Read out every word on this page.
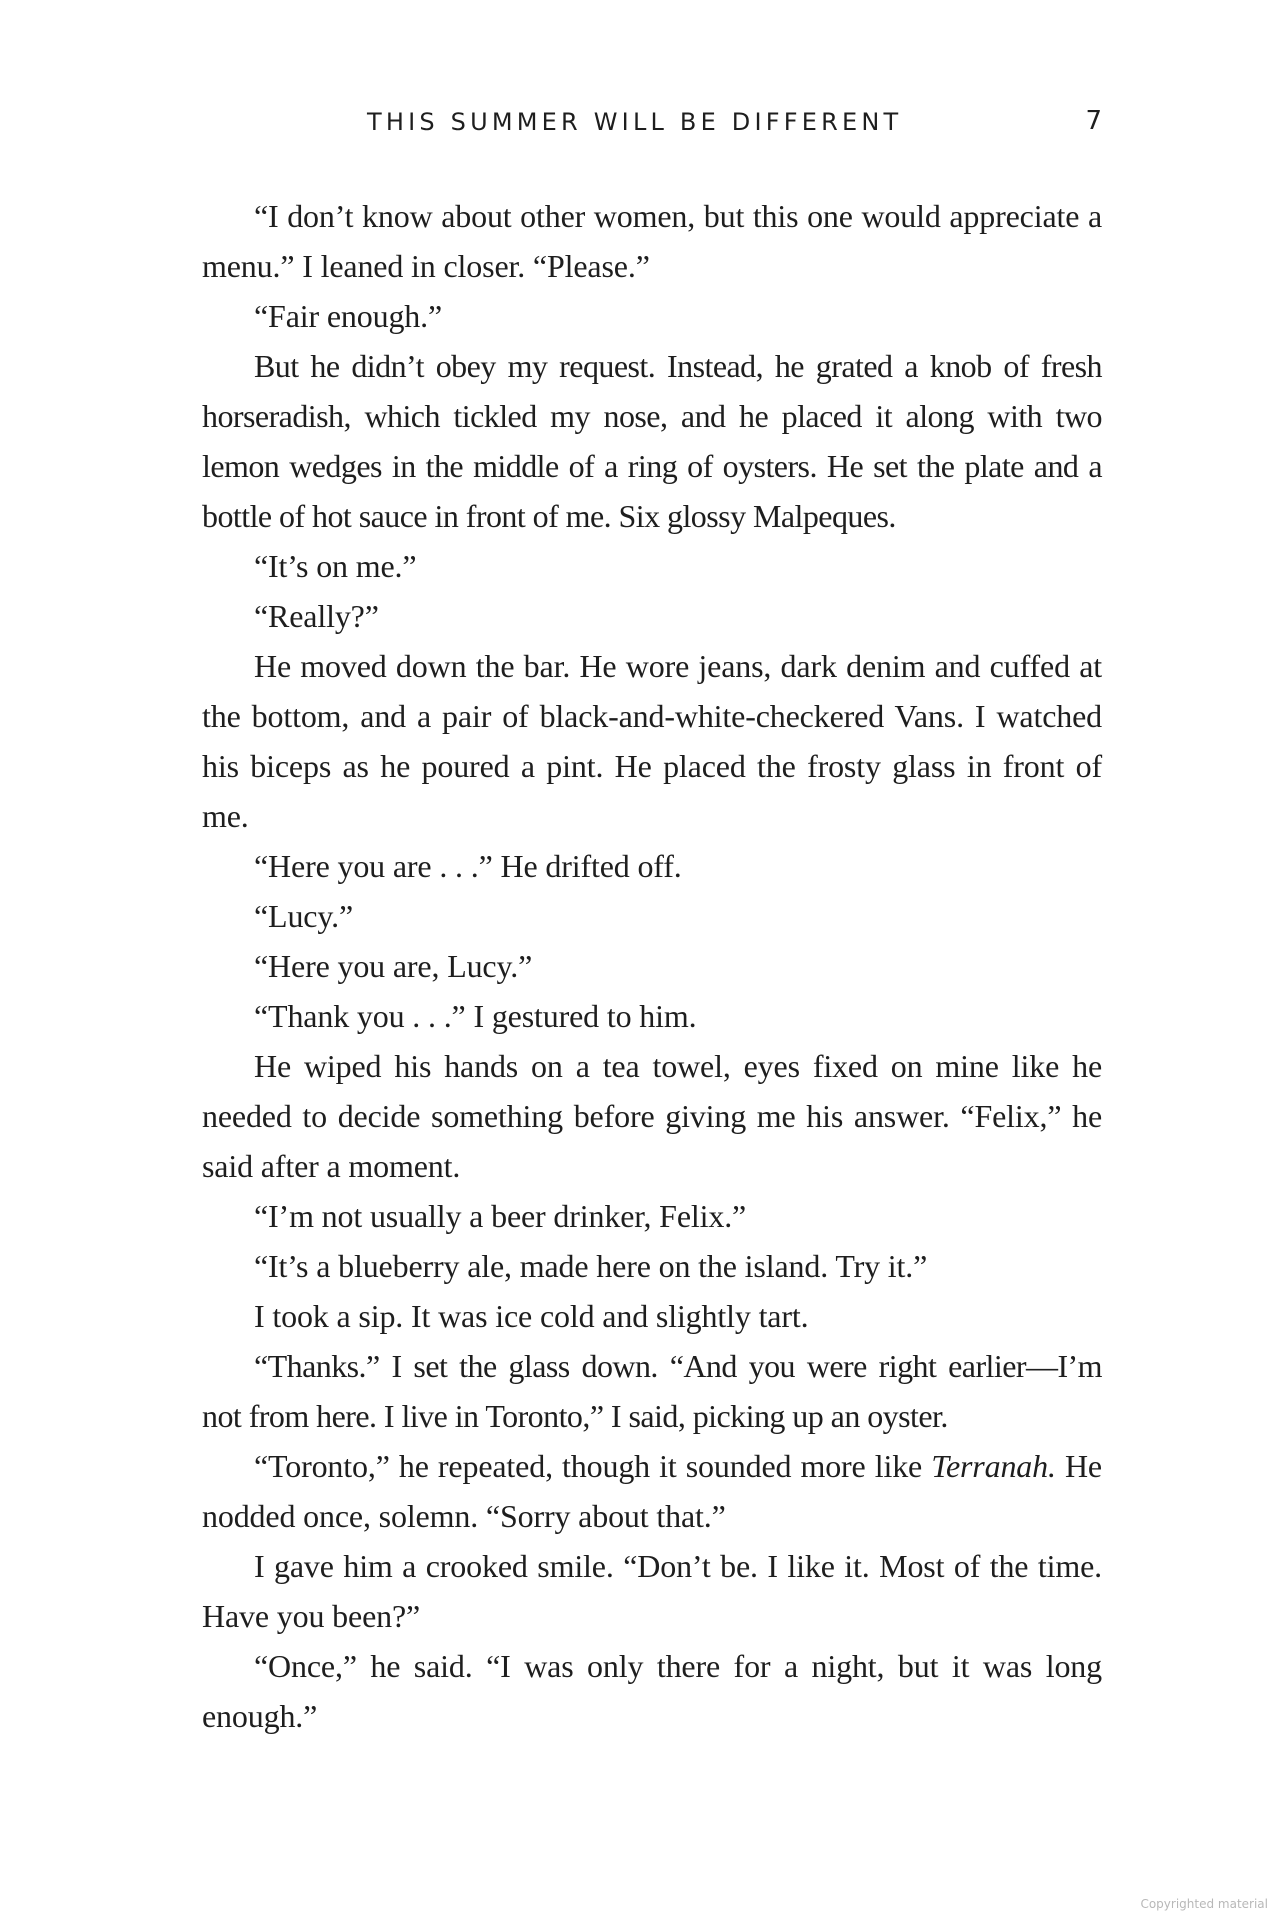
THIS SUMMER WILL BE DIFFERENT	7

“I don’t know about other women, but this one would appreciate a menu.” I leaned in closer. “Please.”

“Fair enough.”

But he didn’t obey my request. Instead, he grated a knob of fresh horseradish, which tickled my nose, and he placed it along with two lemon wedges in the middle of a ring of oysters. He set the plate and a bottle of hot sauce in front of me. Six glossy Malpeques.

“It’s on me.”

“Really?”

He moved down the bar. He wore jeans, dark denim and cuffed at the bottom, and a pair of black-and-white-checkered Vans. I watched his biceps as he poured a pint. He placed the frosty glass in front of me.

“Here you are . . .” He drifted off.

“Lucy.”

“Here you are, Lucy.”

“Thank you . . .” I gestured to him.

He wiped his hands on a tea towel, eyes fixed on mine like he needed to decide something before giving me his answer. “Felix,” he said after a moment.

“I’m not usually a beer drinker, Felix.”

“It’s a blueberry ale, made here on the island. Try it.”

I took a sip. It was ice cold and slightly tart.

“Thanks.” I set the glass down. “And you were right earlier—I’m not from here. I live in Toronto,” I said, picking up an oyster.

“Toronto,” he repeated, though it sounded more like Terranah. He nodded once, solemn. “Sorry about that.”

I gave him a crooked smile. “Don’t be. I like it. Most of the time. Have you been?”

“Once,” he said. “I was only there for a night, but it was long enough.”

Copyrighted material
